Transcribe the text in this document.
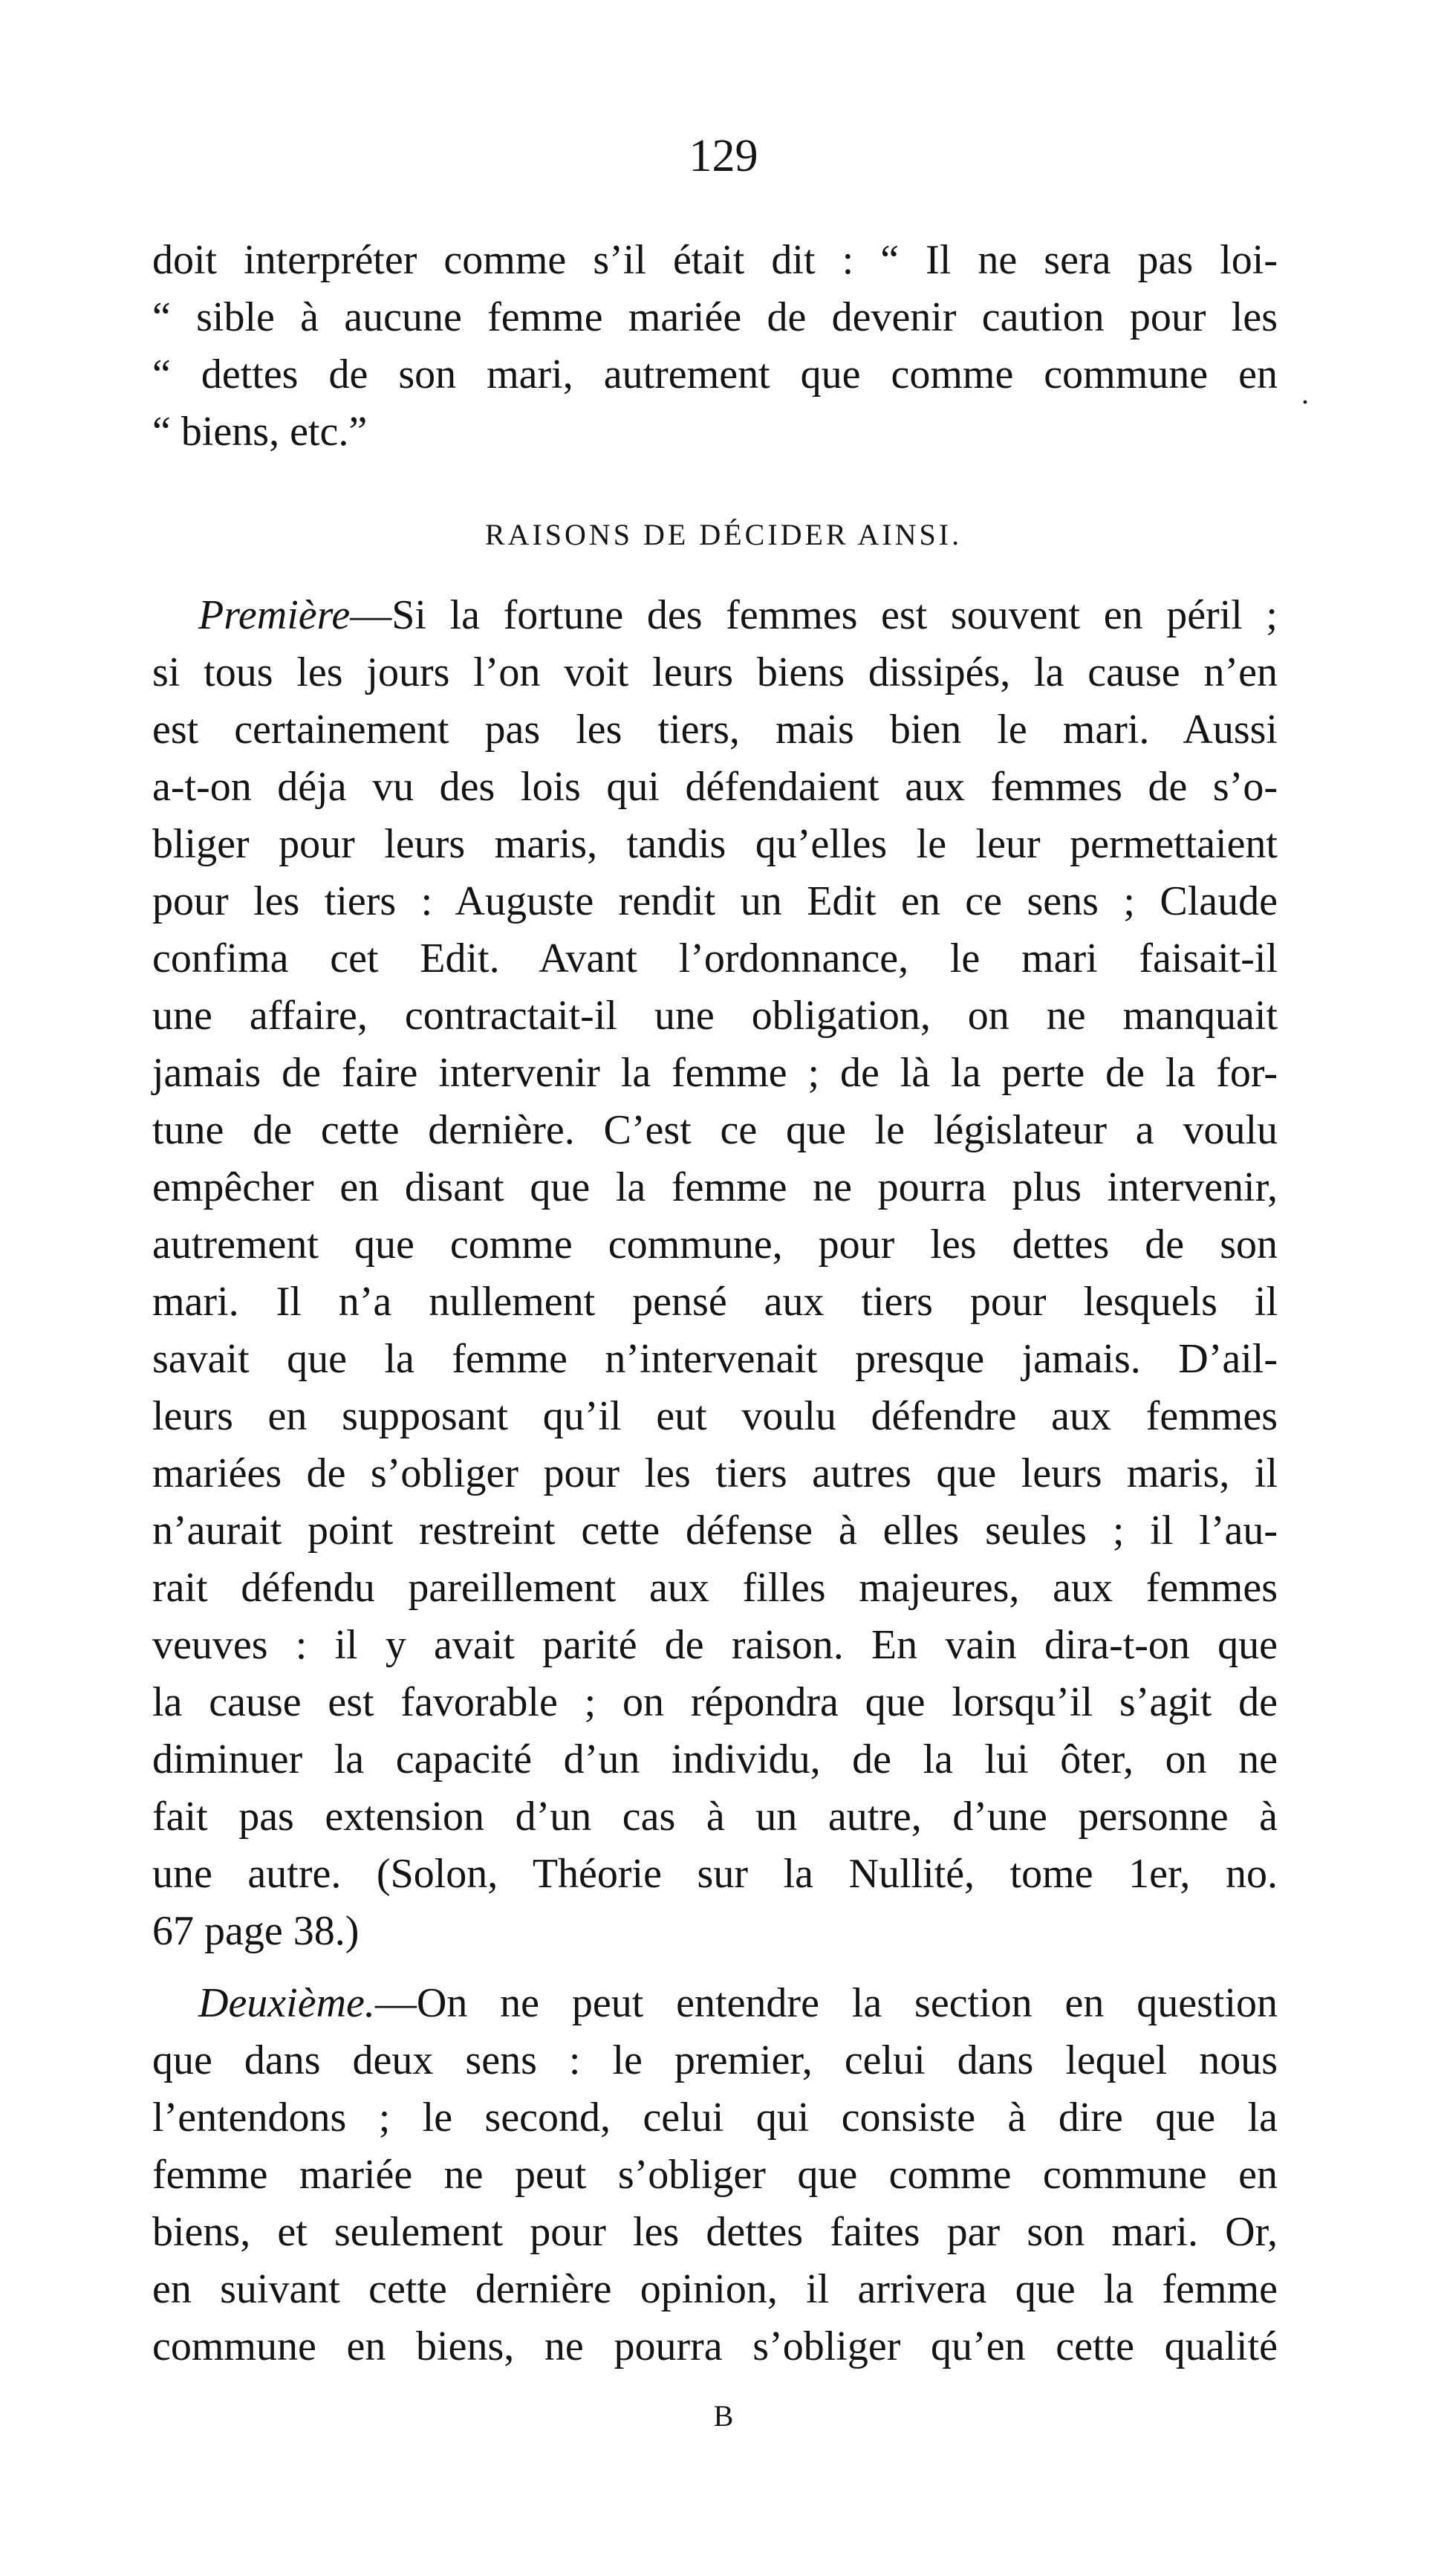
129
doit interpréter comme s’il était dit : “ Il ne sera pas loi-
“ sible à aucune femme mariée de devenir caution pour les
“ dettes de son mari, autrement que comme commune en
“ biens, etc.”
.
RAISONS DE DÉCIDER AINSI.
Première—Si la fortune des femmes est souvent en péril ;
si tous les jours l’on voit leurs biens dissipés, la cause n’en
est certainement pas les tiers, mais bien le mari. Aussi
a-t-on déja vu des lois qui défendaient aux femmes de s’o-
bliger pour leurs maris, tandis qu’elles le leur permettaient
pour les tiers : Auguste rendit un Edit en ce sens ; Claude
confima cet Edit. Avant l’ordonnance, le mari faisait-il
une affaire, contractait-il une obligation, on ne manquait
jamais de faire intervenir la femme ; de là la perte de la for-
tune de cette dernière. C’est ce que le législateur a voulu
empêcher en disant que la femme ne pourra plus intervenir,
autrement que comme commune, pour les dettes de son
mari. Il n’a nullement pensé aux tiers pour lesquels il
savait que la femme n’intervenait presque jamais. D’ail-
leurs en supposant qu’il eut voulu défendre aux femmes
mariées de s’obliger pour les tiers autres que leurs maris, il
n’aurait point restreint cette défense à elles seules ; il l’au-
rait défendu pareillement aux filles majeures, aux femmes
veuves : il y avait parité de raison. En vain dira-t-on que
la cause est favorable ; on répondra que lorsqu’il s’agit de
diminuer la capacité d’un individu, de la lui ôter, on ne
fait pas extension d’un cas à un autre, d’une personne à
une autre. (Solon, Théorie sur la Nullité, tome 1er, no.
67 page 38.)
Deuxième.—On ne peut entendre la section en question
que dans deux sens : le premier, celui dans lequel nous
l’entendons ; le second, celui qui consiste à dire que la
femme mariée ne peut s’obliger que comme commune en
biens, et seulement pour les dettes faites par son mari. Or,
en suivant cette dernière opinion, il arrivera que la femme
commune en biens, ne pourra s’obliger qu’en cette qualité
B
